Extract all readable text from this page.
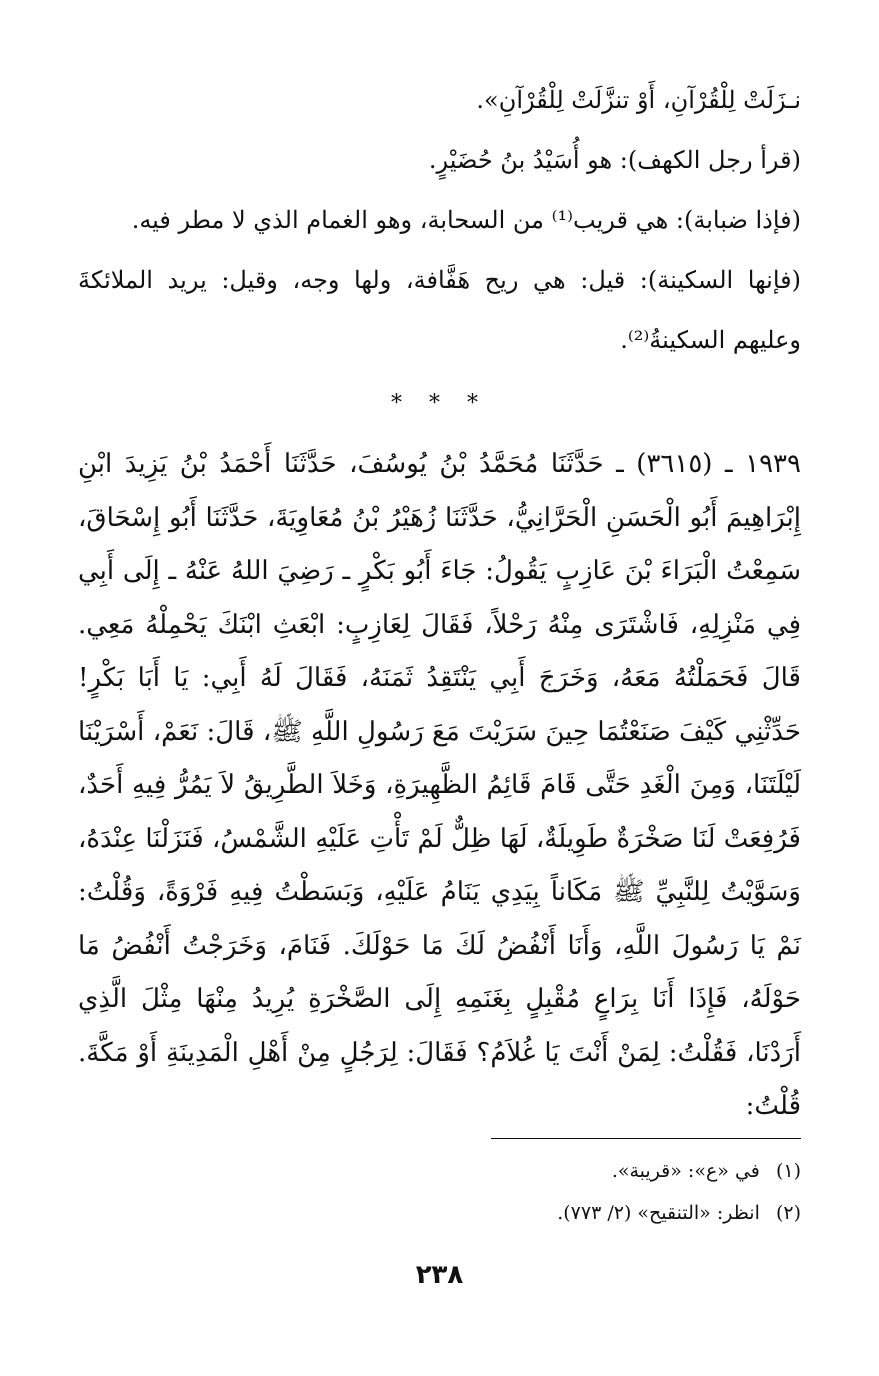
نـزَلَتْ لِلْقُرْآنِ، أَوْ تنزَّلَتْ لِلْقُرْآنِ».

(قرأ رجل الكهف): هو أُسَيْدُ بنُ حُضَيْرٍ.

(فإذا ضبابة): هي قريب⁽¹⁾ من السحابة، وهو الغمام الذي لا مطر فيه.

(فإنها السكينة): قيل: هي ريح هَفَّافة، ولها وجه، وقيل: يريد الملائكةَ وعليهم السكينةُ⁽²⁾.

* * *
١٩٣٩ ـ (٣٦١٥) ـ حَدَّثَنَا مُحَمَّدُ بْنُ يُوسُفَ، حَدَّثَنَا أَحْمَدُ بْنُ يَزِيدَ ابْنِ إِبْرَاهِيمَ أَبُو الْحَسَنِ الْحَرَّانِيُّ، حَدَّثَنَا زُهَيْرُ بْنُ مُعَاوِيَةَ، حَدَّثَنَا أَبُو إِسْحَاقَ، سَمِعْتُ الْبَرَاءَ بْنَ عَازِبٍ يَقُولُ: جَاءَ أَبُو بَكْرٍ ـ رَضِيَ اللهُ عَنْهُ ـ إِلَى أَبِي فِي مَنْزِلِهِ، فَاشْتَرَى مِنْهُ رَحْلاً، فَقَالَ لِعَازِبٍ: ابْعَثِ ابْنَكَ يَحْمِلْهُ مَعِي. قَالَ فَحَمَلْتُهُ مَعَهُ، وَخَرَجَ أَبِي يَنْتَقِدُ ثَمَنَهُ، فَقَالَ لَهُ أَبِي: يَا أَبَا بَكْرٍ! حَدِّثْنِي كَيْفَ صَنَعْتُمَا حِينَ سَرَيْتَ مَعَ رَسُولِ اللَّهِ ﷺ، قَالَ: نَعَمْ، أَسْرَيْنَا لَيْلَتَنَا، وَمِنَ الْغَدِ حَتَّى قَامَ قَائِمُ الظَّهِيرَةِ، وَخَلاَ الطَّرِيقُ لاَ يَمُرُّ فِيهِ أَحَدٌ، فَرُفِعَتْ لَنَا صَخْرَةٌ طَوِيلَةٌ، لَهَا ظِلٌّ لَمْ تَأْتِ عَلَيْهِ الشَّمْسُ، فَنَزَلْنَا عِنْدَهُ، وَسَوَّيْتُ لِلنَّبِيِّ ﷺ مَكَاناً بِيَدِي يَنَامُ عَلَيْهِ، وَبَسَطْتُ فِيهِ فَرْوَةً، وَقُلْتُ: نَمْ يَا رَسُولَ اللَّهِ، وَأَنَا أَنْفُضُ لَكَ مَا حَوْلَكَ. فَنَامَ، وَخَرَجْتُ أَنْفُضُ مَا حَوْلَهُ، فَإِذَا أَنَا بِرَاعٍ مُقْبِلٍ بِغَنَمِهِ إِلَى الصَّخْرَةِ يُرِيدُ مِنْهَا مِثْلَ الَّذِي أَرَدْنَا، فَقُلْتُ: لِمَنْ أَنْتَ يَا غُلاَمُ؟ فَقَالَ: لِرَجُلٍ مِنْ أَهْلِ الْمَدِينَةِ أَوْ مَكَّةَ. قُلْتُ:

(١) في «ع»: «قريبة».

(٢) انظر: «التنقيح» (٢/ ٧٧٣).

٢٣٨
